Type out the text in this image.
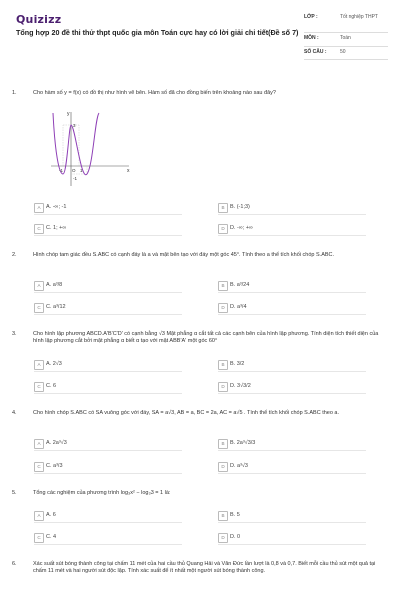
Quizizz
Tổng hợp 20 đề thi thử thpt quốc gia môn Toán cực hay có lời giải chi tiết(Đề số 7)
LỚP :	Tốt nghiệp THPT
MÔN :	Toán
SỐ CÂU :	50
1.	Cho hàm số y = f(x) có đồ thị như hình vẽ bên. Hàm số đã cho đồng biến trên khoảng nào sau đây?
y
x
O
3
1
-1
-1
A A. -∞; -1	B B. (-1;3)
C C. 1; +∞	D D. -∞; +∞
2.	Hình chóp tam giác đều S.ABC có cạnh đáy là a và mặt bên tạo với đáy một góc 45°. Tính theo a thể tích khối chóp S.ABC.
A A. a³/8	B B. a³/24
C C. a³/12	D D. a³/4
3.	Cho hình lập phương ABCD.A'B'C'D' có cạnh bằng √3 Mặt phẳng α cắt tất cả các cạnh bên của hình lập phương. Tính diện tích thiết diện của hình lập phương cắt bởi mặt phẳng α biết α tạo với mặt ABB'A' một góc 60°
A A. 2√3	B B. 3/2
C C. 6	D D. 3√3/2
4.	Cho hình chóp S.ABC có SA vuông góc với đáy, SA = a√3, AB = a, BC = 2a, AC = a√5 . Tính thể tích khối chóp S.ABC theo a.
A A. 2a³√3	B B. 2a³√3/3
C C. a³/3	D D. a³√3
5.	Tổng các nghiệm của phương trình log₃x² − log₃3 = 1 là:
A A. 6	B B. 5
C C. 4	D D. 0
6.	Xác suất sút bóng thành công tại chấm 11 mét của hai cầu thủ Quang Hải và Văn Đức lần lượt là 0,8 và 0,7. Biết mỗi cầu thủ sút một quả tại chấm 11 mét và hai người sút độc lập. Tính xác suất để ít nhất một người sút bóng thành công.
